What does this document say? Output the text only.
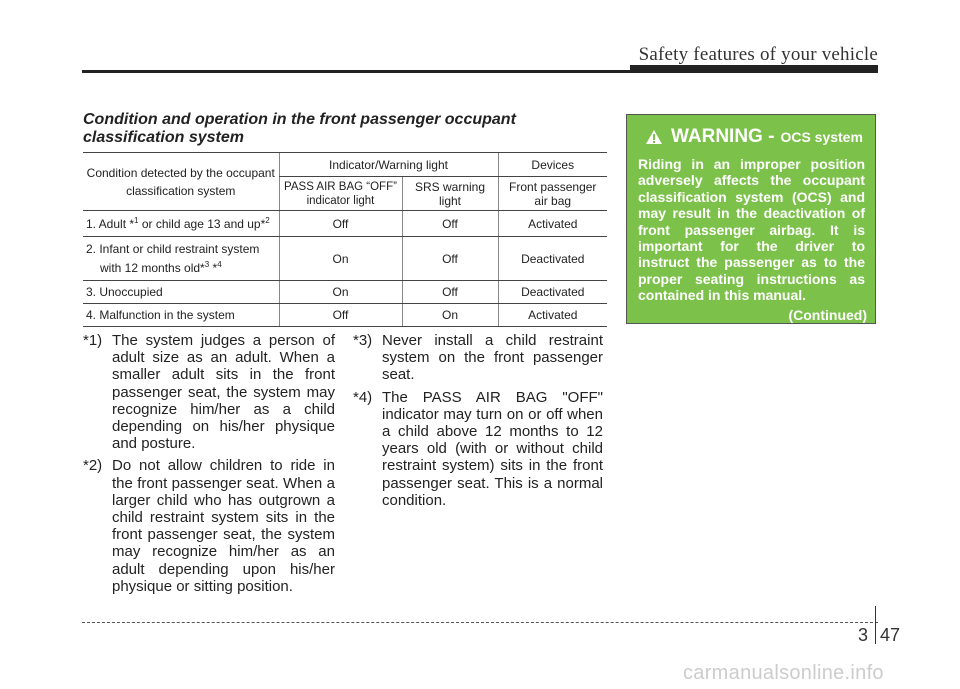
Safety features of your vehicle
Condition and operation in the front passenger occupant classification system
Condition detected by the occupant classification system	Indicator/Warning light		Devices
	PASS AIR BAG “OFF” indicator light	SRS warning light	Front passenger air bag
1. Adult *$^1$ or child age 13 and up*$^2$	Off	Off	Activated
2. Infant or child restraint system
with 12 months old*$^3$ *$^4$	On	Off	Deactivated
3. Unoccupied	On	Off	Deactivated
4. Malfunction in the system	Off	On	Activated

*1) The system judges a person of adult size as an adult. When a smaller adult sits in the front passenger seat, the system may recognize him/her as a child depending on his/her physique and posture.

*2) Do not allow children to ride in the front passenger seat. When a larger child who has outgrown a child restraint system sits in the front passenger seat, the system may recognize him/her as an adult depending upon his/her physique or sitting position.

*3) Never install a child restraint system on the front passenger seat.

*4) The PASS AIR BAG "OFF" indicator may turn on or off when a child above 12 months to 12 years old (with or without child restraint system) sits in the front passenger seat. This is a normal condition.

WARNING - OCS system
Riding in an improper position adversely affects the occupant classification system (OCS) and may result in the deactivation of front passenger airbag. It is important for the driver to instruct the passenger as to the proper seating instructions as contained in this manual.
(Continued)
3 47
carmanualsonline.info
